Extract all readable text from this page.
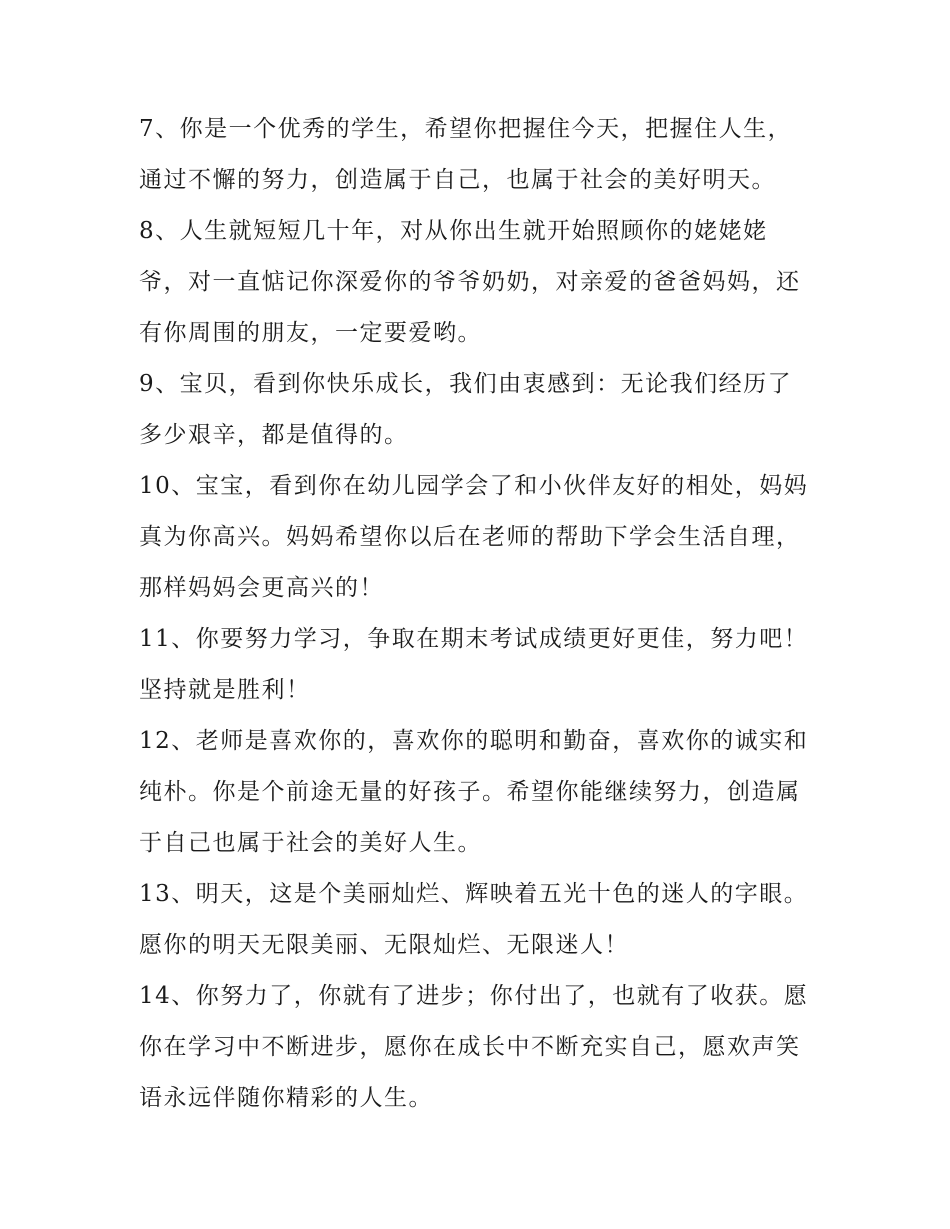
7、你是一个优秀的学生，希望你把握住今天，把握住人生，
通过不懈的努力，创造属于自己，也属于社会的美好明天。
8、人生就短短几十年，对从你出生就开始照顾你的姥姥姥
爷，对一直惦记你深爱你的爷爷奶奶，对亲爱的爸爸妈妈，还
有你周围的朋友，一定要爱哟。
9、宝贝，看到你快乐成长，我们由衷感到：无论我们经历了
多少艰辛，都是值得的。
10、宝宝，看到你在幼儿园学会了和小伙伴友好的相处，妈妈
真为你高兴。妈妈希望你以后在老师的帮助下学会生活自理，
那样妈妈会更高兴的！
11、你要努力学习，争取在期末考试成绩更好更佳，努力吧！
坚持就是胜利！
12、老师是喜欢你的，喜欢你的聪明和勤奋，喜欢你的诚实和
纯朴。你是个前途无量的好孩子。希望你能继续努力，创造属
于自己也属于社会的美好人生。
13、明天，这是个美丽灿烂、辉映着五光十色的迷人的字眼。
愿你的明天无限美丽、无限灿烂、无限迷人！
14、你努力了，你就有了进步；你付出了，也就有了收获。愿
你在学习中不断进步，愿你在成长中不断充实自己，愿欢声笑
语永远伴随你精彩的人生。
